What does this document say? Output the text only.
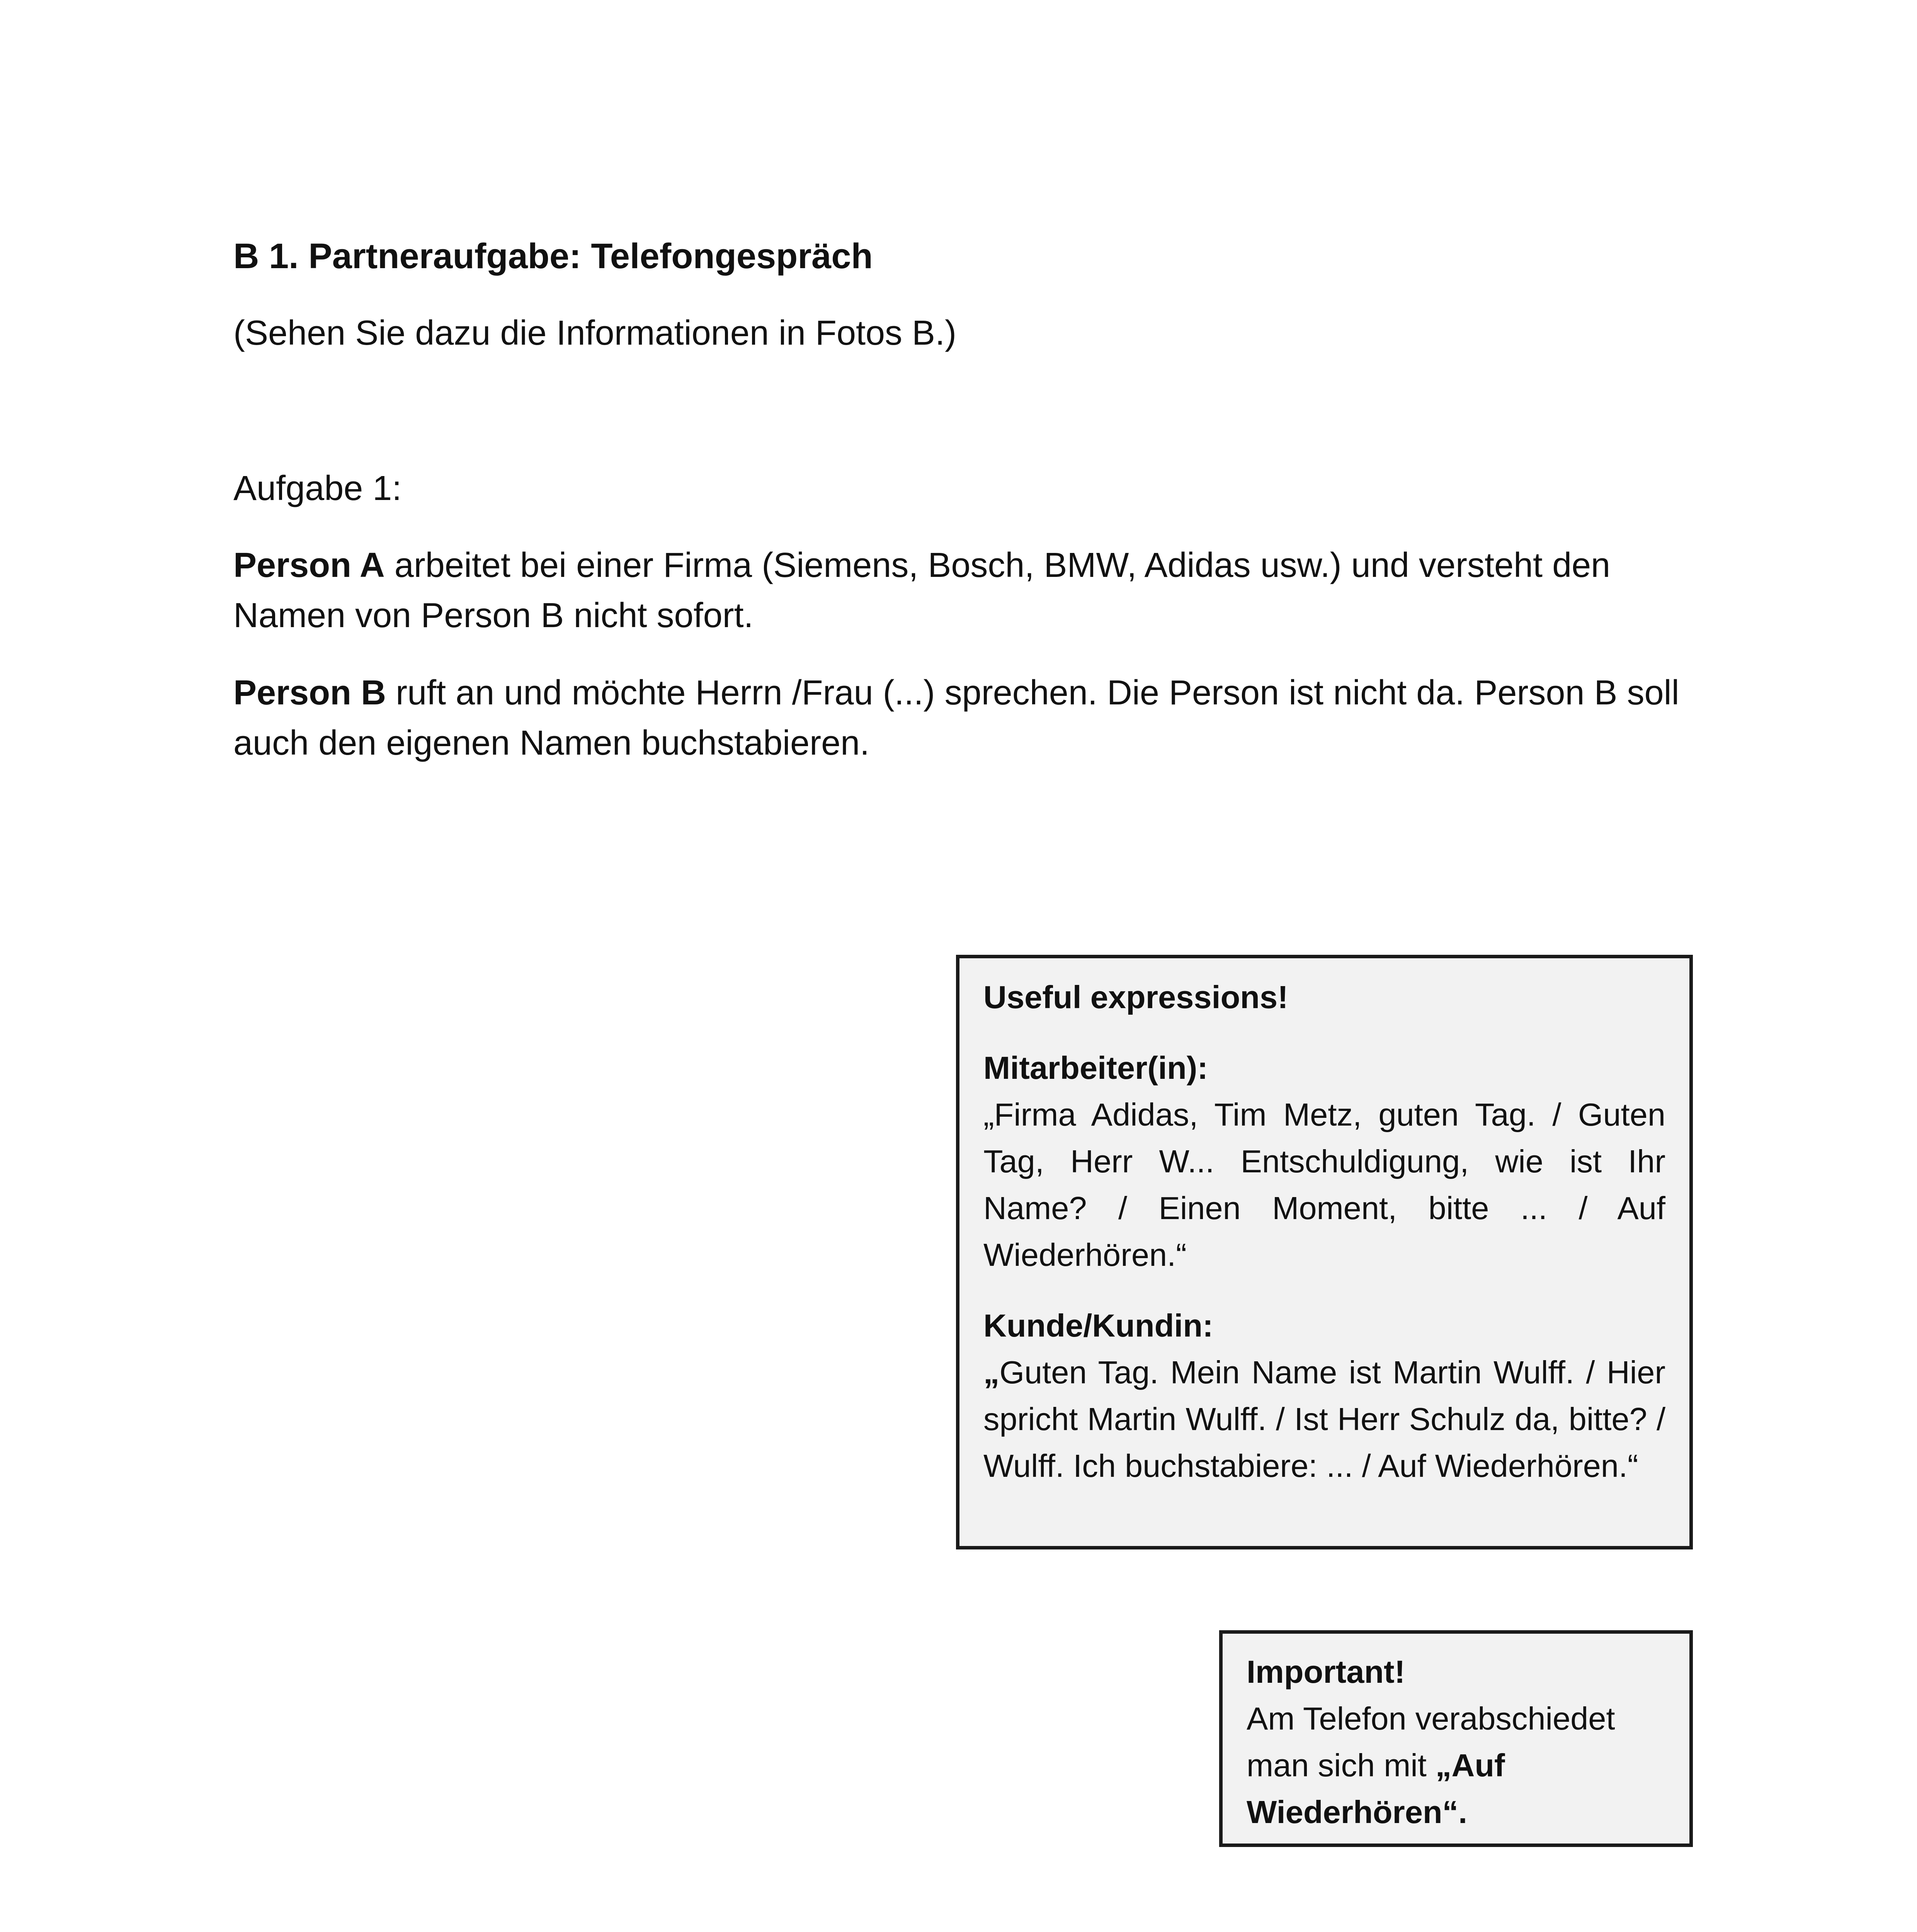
B 1. Partneraufgabe: Telefongespräch
(Sehen Sie dazu die Informationen in Fotos B.)
Aufgabe 1:
Person A arbeitet bei einer Firma (Siemens, Bosch, BMW, Adidas usw.) und versteht den Namen von Person B nicht sofort.
Person B ruft an und möchte Herrn /Frau (...) sprechen. Die Person ist nicht da. Person B soll auch den eigenen Namen buchstabieren.

Useful expressions!

Mitarbeiter(in):

„Firma Adidas, Tim Metz, guten Tag. / Guten Tag, Herr W... Entschuldigung, wie ist Ihr Name? / Einen Moment, bitte ... / Auf Wiederhören.“

Kunde/Kundin:

„Guten Tag. Mein Name ist Martin Wulff. / Hier spricht Martin Wulff. / Ist Herr Schulz da, bitte? / Wulff. Ich buchstabiere: ... / Auf Wiederhören.“

Important!

Am Telefon verabschiedet man sich mit „Auf Wiederhören“.
